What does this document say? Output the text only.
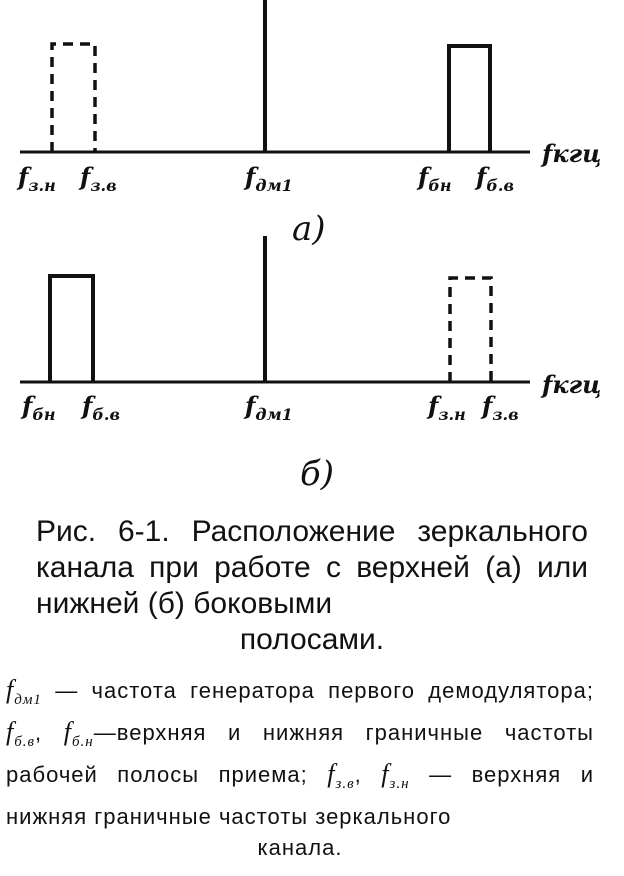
$f_{з.н}$ $f_{з.в}$	$f_{дм1}$	$f_{бн}$ $f_{б.в}$
fкгц
а)
$f_{бн}$ $f_{б.в}$	$f_{дм1}$	$f_{з.н}$ $f_{з.в}$
fкгц
б)
Рис. 6-1. Расположение зеркального канала при работе с верхней (а) или нижней (б) боковыми
полосами.
$f_{дм1}$ — частота генератора первого демодулятора; $f_{б.в}$, $f_{б.н}—верхняя$ и нижняя граничные частоты рабочей полосы приема; $f_{з.в}$, $f_{з.н}$ — верхняя и нижняя граничные частоты зеркального
канала.
